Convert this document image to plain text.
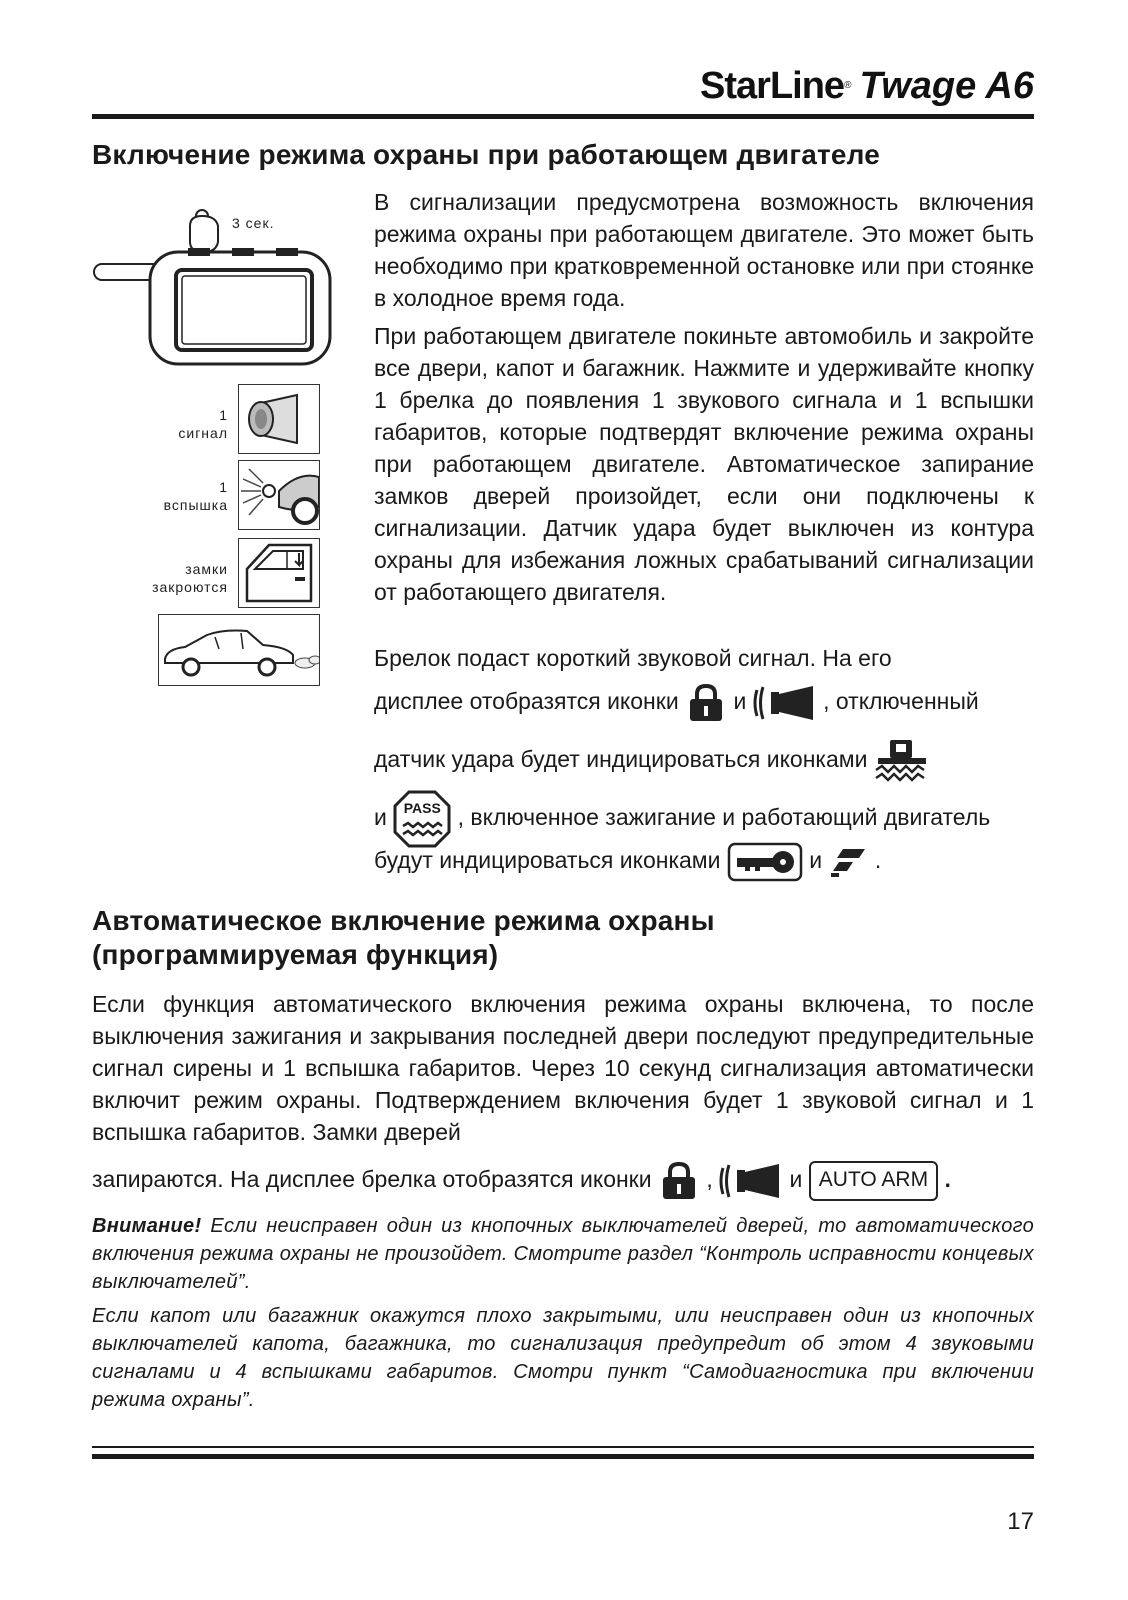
StarLine® Twage A6
Включение режима охраны при работающем двигателе
3 сек.
1
сигнал
1
вспышка
замки
закроются

В сигнализации предусмотрена возможность включения режима охраны при работающем двигателе. Это может быть необходимо при кратковременной остановке или при стоянке в холодное время года.

При работающем двигателе покиньте автомобиль и закройте все двери, капот и багажник. Нажмите и удерживайте кнопку 1 брелка до появления 1 звукового сигнала и 1 вспышки габаритов, которые подтвердят включение режима охраны при работающем двигателе. Автоматическое запирание замков дверей произойдет, если они подключены к сигнализации. Датчик удара будет выключен из контура охраны для избежания ложных срабатываний сигнализации от работающего двигателя.

Брелок подаст короткий звуковой сигнал. На его

дисплее отобразятся иконки и	, отключенный

датчик удара будет индицироваться иконками

и	PASS , включенное зажигание и работающий двигатель

будут индицироваться иконками	и .

Автоматическое включение режима охраны
(программируемая функция)

Если функция автоматического включения режима охраны включена, то после выключения зажигания и закрывания последней двери последуют предупредительные сигнал сирены и 1 вспышка габаритов. Через 10 секунд сигнализация автоматически включит режим охраны. Подтверждением включения будет 1 звуковой сигнал и 1 вспышка габаритов. Замки дверей

запираются. На дисплее брелка отобразятся иконки ,	и AUTO ARM .

Внимание! Если неисправен один из кнопочных выключателей дверей, то автоматического включения режима охраны не произойдет. Смотрите раздел “Контроль исправности концевых выключателей”.

Если капот или багажник окажутся плохо закрытыми, или неисправен один из кнопочных выключателей капота, багажника, то сигнализация предупредит об этом 4 звуковыми сигналами и 4 вспышками габаритов. Смотри пункт “Самодиагностика при включении режима охраны”.

17
